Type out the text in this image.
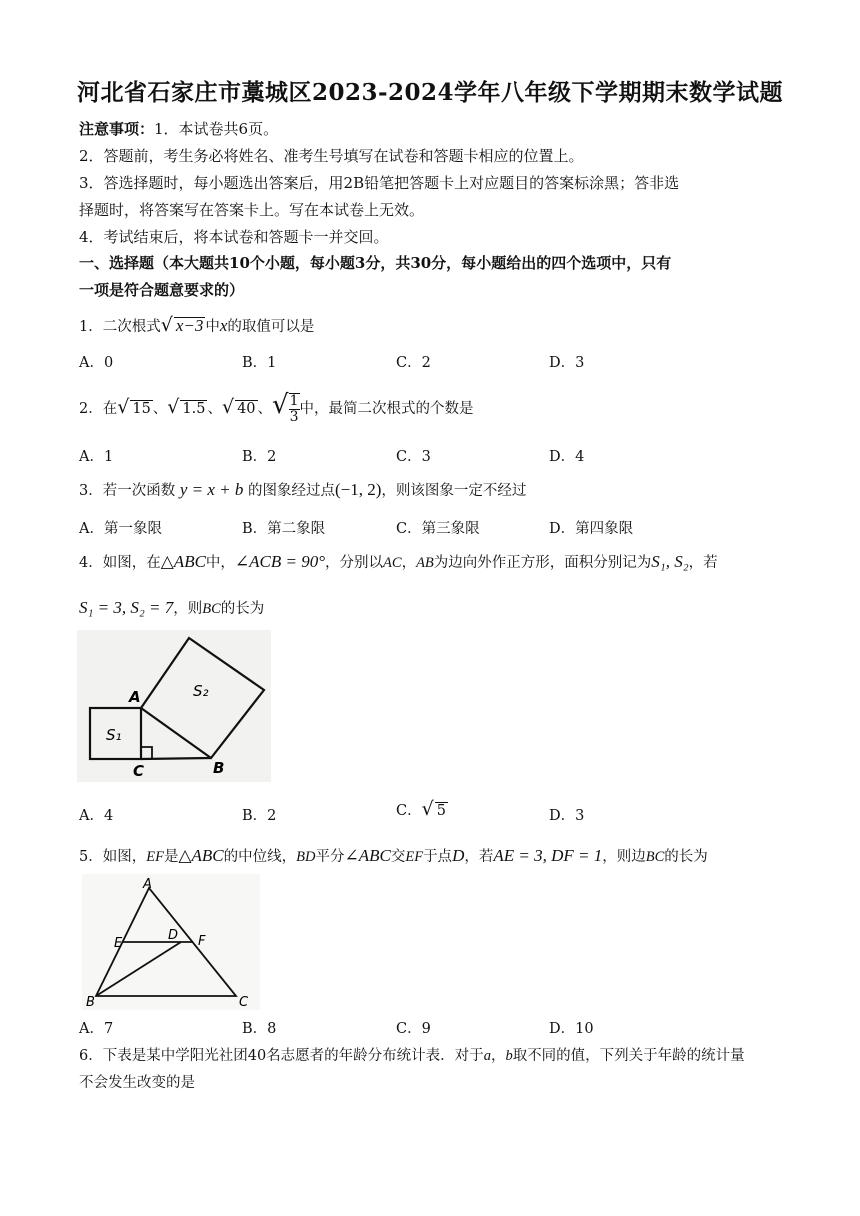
河北省石家庄市藁城区2023-2024学年八年级下学期期末数学试题
注意事项：1．本试卷共6页。
2．答题前，考生务必将姓名、准考生号填写在试卷和答题卡相应的位置上。
3．答选择题时，每小题选出答案后，用2B铅笔把答题卡上对应题目的答案标涂黑；答非选
择题时，将答案写在答案卡上。写在本试卷上无效。
4．考试结束后，将本试卷和答题卡一并交回。
一、选择题（本大题共10个小题，每小题3分，共30分，每小题给出的四个选项中，只有
一项是符合题意要求的）
1．二次根式√ x−3 中x的取值可以是
A．0	B．1	C．2	D．3
2．在√ 15 、√ 1.5 、√ 40 、√ $\frac{1}{3}$ 中，最简二次根式的个数是
A．1	B．2	C．3	D．4
3．若一次函数 y = x + b 的图象经过点(−1, 2)，则该图象一定不经过
A．第一象限	B．第二象限	C．第三象限	D．第四象限
4．如图，在△ABC中，∠ACB = 90°，分别以AC，AB为边向外作正方形，面积分别记为S₁, S₂，若
S₁ = 3, S₂ = 7，则BC的长为
A
B
C
S₁
S₂
A．4	B．2	C．√ 5	D．3
5．如图，EF是△ABC的中位线，BD平分∠ABC交EF于点D，若AE = 3, DF = 1，则边BC的长为
A
B	C
D
E	F
A．7	B．8	C．9	D．10
6．下表是某中学阳光社团40名志愿者的年龄分布统计表．对于a，b取不同的值，下列关于年龄的统计量
不会发生改变的是
